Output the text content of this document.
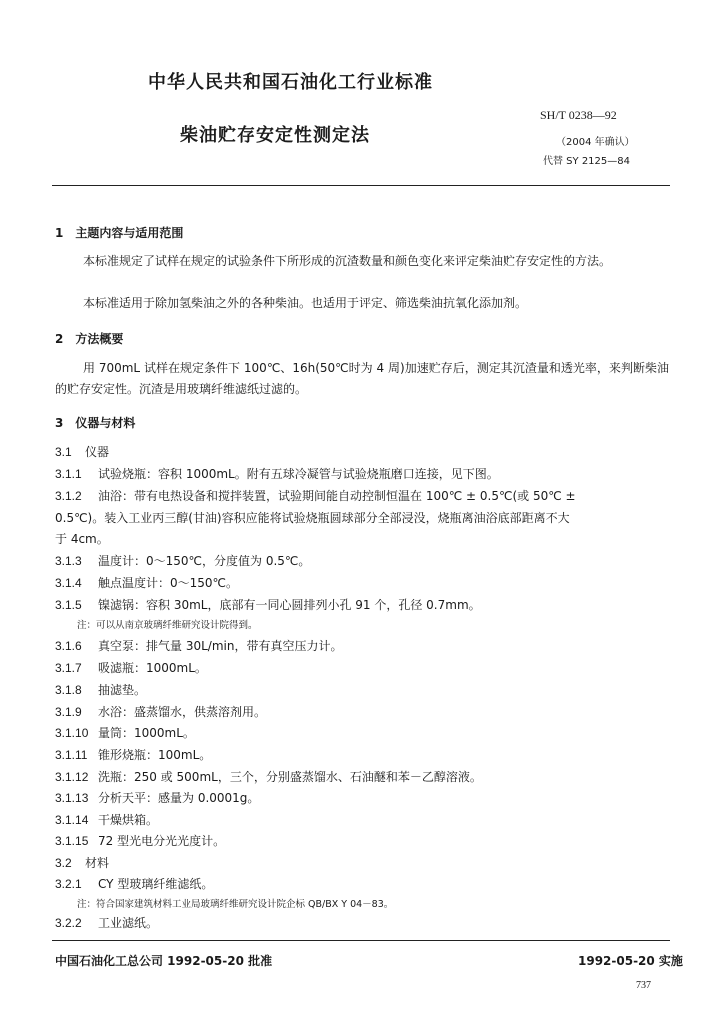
中华人民共和国石油化工行业标准
SH/T 0238—92
柴油贮存安定性测定法	（2004 年确认）
代替 SY 2125—84
1　主题内容与适用范围
本标准规定了试样在规定的试验条件下所形成的沉渣数量和颜色变化来评定柴油贮存安定性的方法。
本标准适用于除加氢柴油之外的各种柴油。也适用于评定、筛选柴油抗氧化添加剂。
2　方法概要
用 700mL 试样在规定条件下 100℃、16h(50℃时为 4 周)加速贮存后，测定其沉渣量和透光率，来判断柴油的贮存安定性。沉渣是用玻璃纤维滤纸过滤的。
3　仪器与材料
3.1 仪器
3.1.1 试验烧瓶：容积 1000mL。附有五球冷凝管与试验烧瓶磨口连接，见下图。
3.1.2 油浴：带有电热设备和搅拌装置，试验期间能自动控制恒温在 100℃ ± 0.5℃(或 50℃ ±
0.5℃)。装入工业丙三醇(甘油)容积应能将试验烧瓶圆球部分全部浸没，烧瓶离油浴底部距离不大
于 4cm。
3.1.3 温度计：0～150℃，分度值为 0.5℃。
3.1.4 触点温度计：0～150℃。
3.1.5 镍滤锅：容积 30mL，底部有一同心圆排列小孔 91 个，孔径 0.7mm。
注：可以从南京玻璃纤维研究设计院得到。
3.1.6 真空泵：排气量 30L/min，带有真空压力计。
3.1.7 吸滤瓶：1000mL。
3.1.8 抽滤垫。
3.1.9 水浴：盛蒸馏水，供蒸溶剂用。
3.1.10 量筒：1000mL。
3.1.11 锥形烧瓶：100mL。
3.1.12 洗瓶：250 或 500mL，三个，分别盛蒸馏水、石油醚和苯－乙醇溶液。
3.1.13 分析天平：感量为 0.0001g。
3.1.14 干燥烘箱。
3.1.15 72 型光电分光光度计。
3.2 材料
3.2.1 CY 型玻璃纤维滤纸。
注：符合国家建筑材料工业局玻璃纤维研究设计院企标 QB/BX Y 04－83。
3.2.2 工业滤纸。
中国石油化工总公司 1992-05-20 批准	1992-05-20 实施
737
